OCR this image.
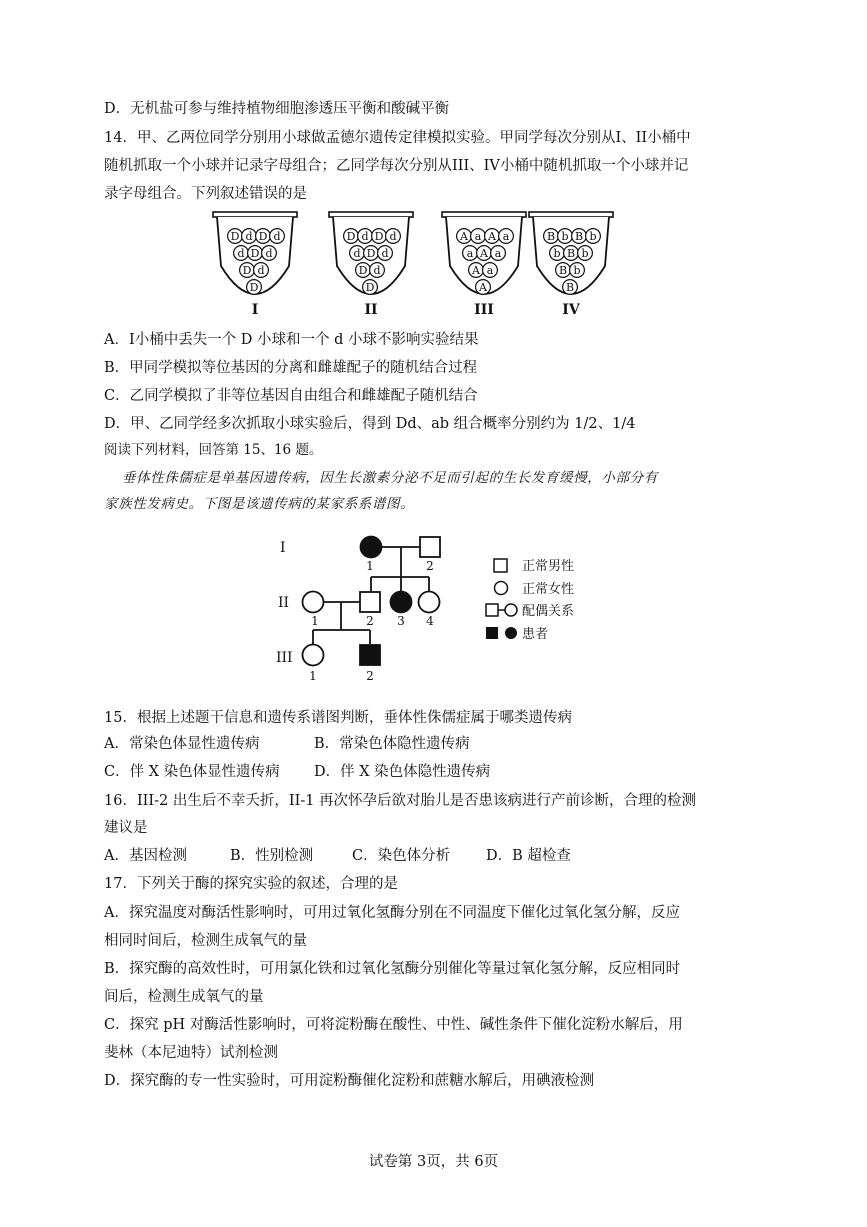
D．无机盐可参与维持植物细胞渗透压平衡和酸碱平衡
14．甲、乙两位同学分别用小球做孟德尔遗传定律模拟实验。甲同学每次分别从I、II小桶中
随机抓取一个小球并记录字母组合；乙同学每次分别从III、IV小桶中随机抓取一个小球并记
录字母组合。下列叙述错误的是
D d D d
d D d
D d
D
I
D d D d
d D d
D d
D
II
A a A a
a A a
A a
A
III
B b B b
b B b
B b
B
IV
A．I小桶中丢失一个 D 小球和一个 d 小球不影响实验结果
B．甲同学模拟等位基因的分离和雌雄配子的随机结合过程
C．乙同学模拟了非等位基因自由组合和雌雄配子随机结合
D．甲、乙同学经多次抓取小球实验后，得到 Dd、ab 组合概率分别约为 1/2、1/4
阅读下列材料，回答第 15、16 题。
垂体性侏儒症是单基因遗传病，因生长激素分泌不足而引起的生长发育缓慢，小部分有
家族性发病史。下图是该遗传病的某家系系谱图。
I
II
III
1	2
1	2 3 4
1	2
正常男性
正常女性
配偶关系
患者
15．根据上述题干信息和遗传系谱图判断，垂体性侏儒症属于哪类遗传病
A．常染色体显性遗传病	B．常染色体隐性遗传病
C．伴 X 染色体显性遗传病 D．伴 X 染色体隐性遗传病
16．III-2 出生后不幸夭折，II-1 再次怀孕后欲对胎儿是否患该病进行产前诊断，合理的检测
建议是
A．基因检测	B．性别检测	C．染色体分析 D．B 超检查
17．下列关于酶的探究实验的叙述，合理的是
A．探究温度对酶活性影响时，可用过氧化氢酶分别在不同温度下催化过氧化氢分解，反应
相同时间后，检测生成氧气的量
B．探究酶的高效性时，可用氯化铁和过氧化氢酶分别催化等量过氧化氢分解，反应相同时
间后，检测生成氧气的量
C．探究 pH 对酶活性影响时，可将淀粉酶在酸性、中性、碱性条件下催化淀粉水解后，用
斐林（本尼迪特）试剂检测
D．探究酶的专一性实验时，可用淀粉酶催化淀粉和蔗糖水解后，用碘液检测
试卷第 3页，共 6页
